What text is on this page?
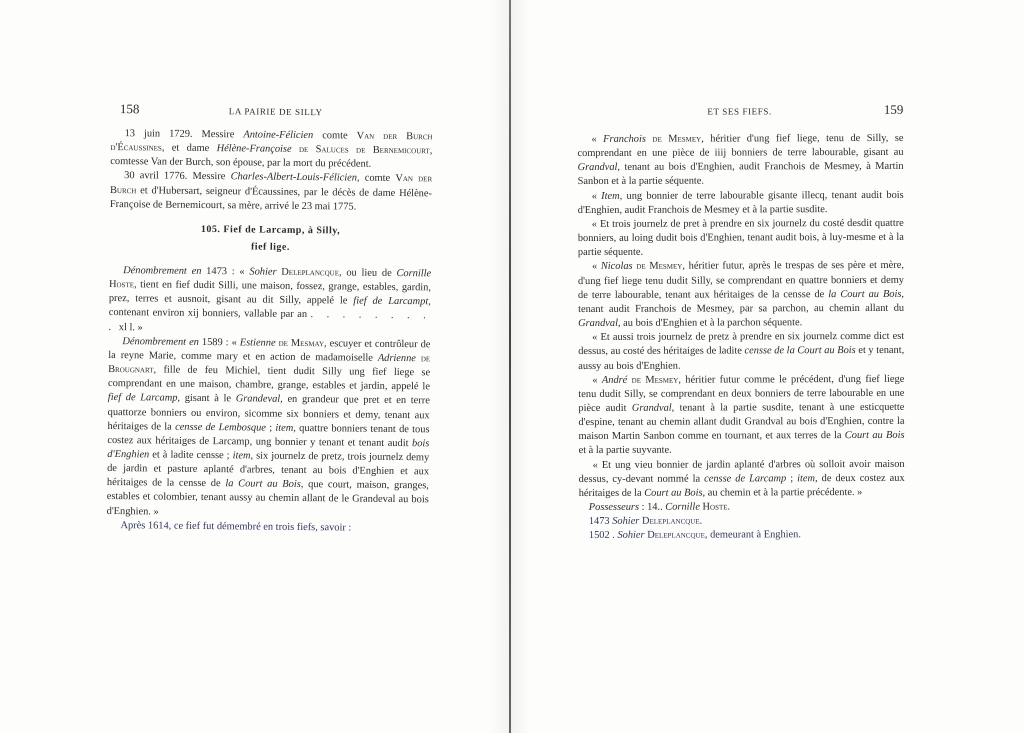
158	LA PAIRIE DE SILLY

13 juin 1729. Messire Antoine-Félicien comte Van der Burch d'Écaussines, et dame Hélène-Françoise de Saluces de Bernemicourt, comtesse Van der Burch, son épouse, par la mort du précédent.

30 avril 1776. Messire Charles-Albert-Louis-Félicien, comte Van der Burch et d'Hubersart, seigneur d'Écaussines, par le décès de dame Hélène-Françoise de Bernemicourt, sa mère, arrivé le 23 mai 1775.

105. Fief de Larcamp, à Silly,
fief lige.

Dénombrement en 1473 : « Sohier Deleplancque, ou lieu de Cornille Hoste, tient en fief dudit Silli, une maison, fossez, grange, estables, gardin, prez, terres et ausnoit, gisant au dit Silly, appelé le fief de Larcampt, contenant environ xij bonniers, vallable par an . . . . . . . . . xl l. »

Dénombrement en 1589 : « Estienne de Mesmay, escuyer et contrôleur de la reyne Marie, comme mary et en action de madamoiselle Adrienne de Brougnart, fille de feu Michiel, tient dudit Silly ung fief liege se comprendant en une maison, chambre, grange, estables et jardin, appelé le fief de Larcamp, gisant à le Grandeval, en grandeur que pret et en terre quattorze bonniers ou environ, sicomme six bonniers et demy, tenant aux héritaiges de la censse de Lembosque ; item, quattre bonniers tenant de tous costez aux héritaiges de Larcamp, ung bonnier y tenant et tenant audit bois d'Enghien et à ladite censse ; item, six journelz de pretz, trois journelz demy de jardin et pasture aplanté d'arbres, tenant au bois d'Enghien et aux héritaiges de la censse de la Court au Bois, que court, maison, granges, estables et colombier, tenant aussy au chemin allant de le Grandeval au bois d'Enghien. »

Après 1614, ce fief fut démembré en trois fiefs, savoir :

ET SES FIEFS.	159

« Franchois de Mesmey, héritier d'ung fief liege, tenu de Silly, se comprendant en une pièce de iiij bonniers de terre labourable, gisant au Grandval, tenant au bois d'Enghien, audit Franchois de Mesmey, à Martin Sanbon et à la partie séquente.

« Item, ung bonnier de terre labourable gisante illecq, tenant audit bois d'Enghien, audit Franchois de Mesmey et à la partie susdite.

« Et trois journelz de pret à prendre en six journelz du costé desdit quattre bonniers, au loing dudit bois d'Enghien, tenant audit bois, à luy-mesme et à la partie séquente.

« Nicolas de Mesmey, héritier futur, après le trespas de ses père et mère, d'ung fief liege tenu dudit Silly, se comprendant en quattre bonniers et demy de terre labourable, tenant aux héritaiges de la censse de la Court au Bois, tenant audit Franchois de Mesmey, par sa parchon, au chemin allant du Grandval, au bois d'Enghien et à la parchon séquente.

« Et aussi trois journelz de pretz à prendre en six journelz comme dict est dessus, au costé des héritaiges de ladite censse de la Court au Bois et y tenant, aussy au bois d'Enghien.

« André de Mesmey, héritier futur comme le précédent, d'ung fief liege tenu dudit Silly, se comprendant en deux bonniers de terre labourable en une pièce audit Grandval, tenant à la partie susdite, tenant à une esticquette d'espine, tenant au chemin allant dudit Grandval au bois d'Enghien, contre la maison Martin Sanbon comme en tournant, et aux terres de la Court au Bois et à la partie suyvante.

« Et ung vieu bonnier de jardin aplanté d'arbres où solloit avoir maison dessus, cy-devant nommé la censse de Larcamp ; item, de deux costez aux héritaiges de la Court au Bois, au chemin et à la partie précédente. »

Possesseurs : 14.. Cornille Hoste.

1473 Sohier Deleplancque.

1502 . Sohier Deleplancque, demeurant à Enghien.
